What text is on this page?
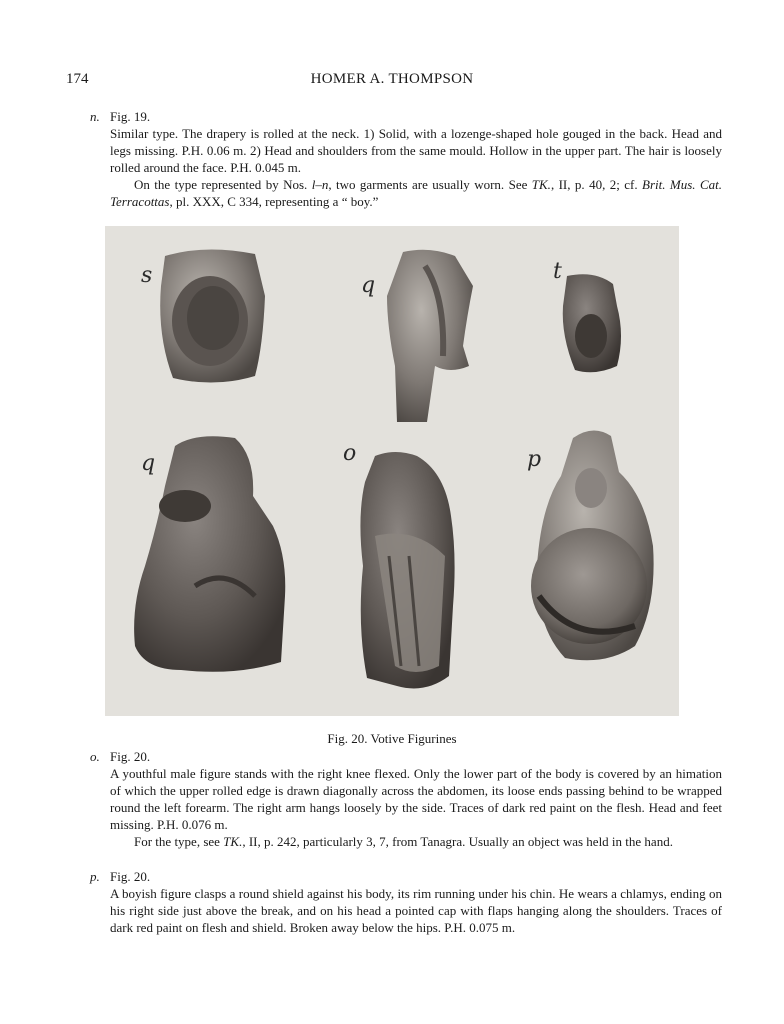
174	HOMER A. THOMPSON
n. Fig. 19.
Similar type. The drapery is rolled at the neck. 1) Solid, with a lozenge-shaped hole gouged in the back. Head and legs missing. P.H. 0.06 m. 2) Head and shoulders from the same mould. Hollow in the upper part. The hair is loosely rolled around the face. P.H. 0.045 m.
On the type represented by Nos. l–n, two garments are usually worn. See TK., II, p. 40, 2; cf. Brit. Mus. Cat. Terracottas, pl. XXX, C 334, representing a “ boy.”
s	q
t
q	o	p
Fig. 20. Votive Figurines
o. Fig. 20.
A youthful male figure stands with the right knee flexed. Only the lower part of the body is covered by an himation of which the upper rolled edge is drawn diagonally across the abdomen, its loose ends passing behind to be wrapped round the left forearm. The right arm hangs loosely by the side. Traces of dark red paint on the flesh. Head and feet missing. P.H. 0.076 m.
For the type, see TK., II, p. 242, particularly 3, 7, from Tanagra. Usually an object was held in the hand.
p. Fig. 20.
A boyish figure clasps a round shield against his body, its rim running under his chin. He wears a chlamys, ending on his right side just above the break, and on his head a pointed cap with flaps hanging along the shoulders. Traces of dark red paint on flesh and shield. Broken away below the hips. P.H. 0.075 m.
